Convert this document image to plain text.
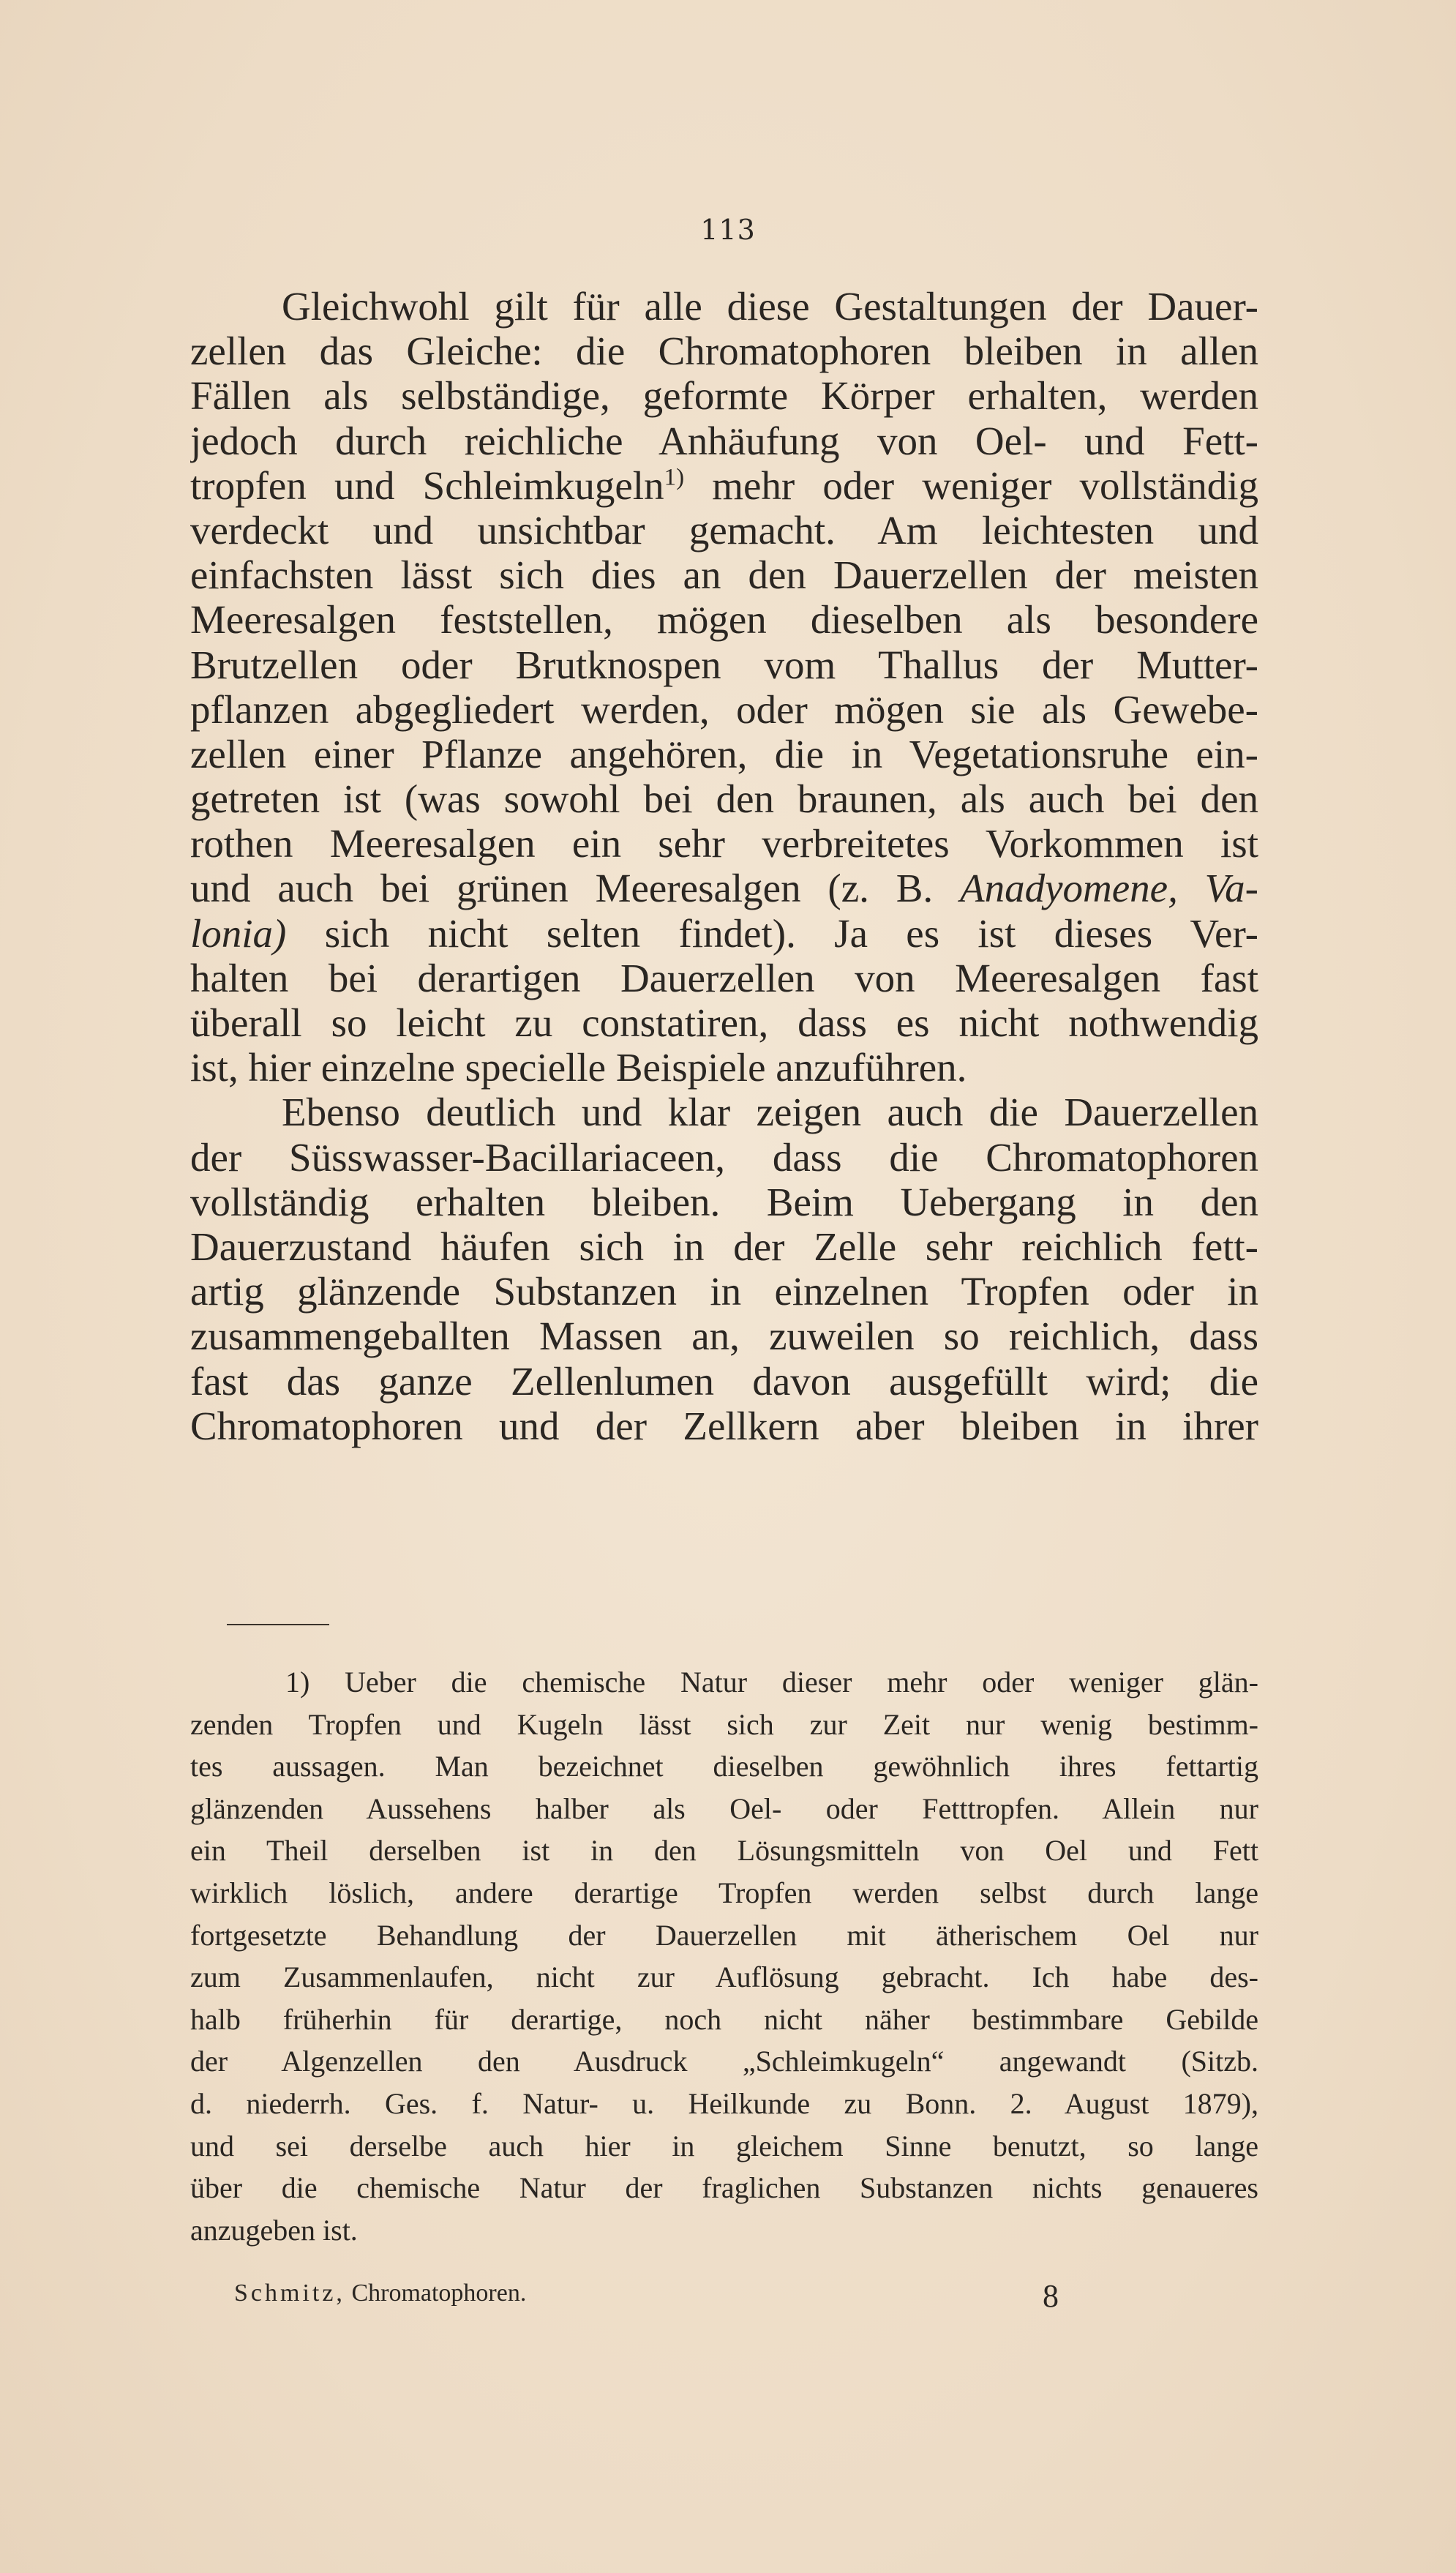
113
Gleichwohl gilt für alle diese Gestaltungen der Dauer-
zellen das Gleiche: die Chromatophoren bleiben in allen
Fällen als selbständige, geformte Körper erhalten, werden
jedoch durch reichliche Anhäufung von Oel- und Fett-
tropfen und Schleimkugeln$^{1)}$ mehr oder weniger vollständig
verdeckt und unsichtbar gemacht. Am leichtesten und
einfachsten lässt sich dies an den Dauerzellen der meisten
Meeresalgen feststellen, mögen dieselben als besondere
Brutzellen oder Brutknospen vom Thallus der Mutter-
pflanzen abgegliedert werden, oder mögen sie als Gewebe-
zellen einer Pflanze angehören, die in Vegetationsruhe ein-
getreten ist (was sowohl bei den braunen, als auch bei den
rothen Meeresalgen ein sehr verbreitetes Vorkommen ist
und auch bei grünen Meeresalgen (z. B. Anadyomene, Va-
lonia) sich nicht selten findet). Ja es ist dieses Ver-
halten bei derartigen Dauerzellen von Meeresalgen fast
überall so leicht zu constatiren, dass es nicht nothwendig
ist, hier einzelne specielle Beispiele anzuführen.
Ebenso deutlich und klar zeigen auch die Dauerzellen
der Süsswasser-Bacillariaceen, dass die Chromatophoren
vollständig erhalten bleiben. Beim Uebergang in den
Dauerzustand häufen sich in der Zelle sehr reichlich fett-
artig glänzende Substanzen in einzelnen Tropfen oder in
zusammengeballten Massen an, zuweilen so reichlich, dass
fast das ganze Zellenlumen davon ausgefüllt wird; die
Chromatophoren und der Zellkern aber bleiben in ihrer
1) Ueber die chemische Natur dieser mehr oder weniger glän-
zenden Tropfen und Kugeln lässt sich zur Zeit nur wenig bestimm-
tes aussagen. Man bezeichnet dieselben gewöhnlich ihres fettartig
glänzenden Aussehens halber als Oel- oder Fetttropfen. Allein nur
ein Theil derselben ist in den Lösungsmitteln von Oel und Fett
wirklich löslich, andere derartige Tropfen werden selbst durch lange
fortgesetzte Behandlung der Dauerzellen mit ätherischem Oel nur
zum Zusammenlaufen, nicht zur Auflösung gebracht. Ich habe des-
halb früherhin für derartige, noch nicht näher bestimmbare Gebilde
der Algenzellen den Ausdruck „Schleimkugeln“ angewandt (Sitzb.
d. niederrh. Ges. f. Natur- u. Heilkunde zu Bonn. 2. August 1879),
und sei derselbe auch hier in gleichem Sinne benutzt, so lange
über die chemische Natur der fraglichen Substanzen nichts genaueres
anzugeben ist.
Schmitz, Chromatophoren.	8
